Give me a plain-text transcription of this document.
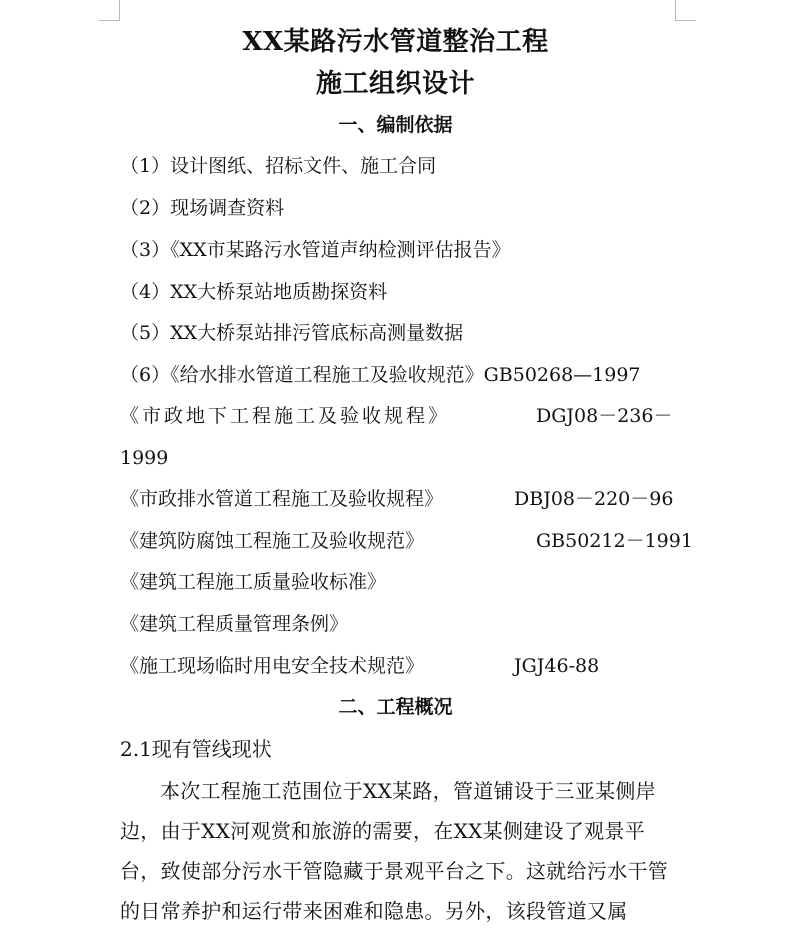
XX某路污水管道整治工程
施工组织设计
一、编制依据
（1）设计图纸、招标文件、施工合同
（2）现场调查资料
（3）《XX市某路污水管道声纳检测评估报告》
（4）XX大桥泵站地质勘探资料
（5）XX大桥泵站排污管底标高测量数据
（6）《给水排水管道工程施工及验收规范》GB50268—1997
《市政地下工程施工及验收规程》	DGJ08－236－
1999
《市政排水管道工程施工及验收规程》	DBJ08－220－96
《建筑防腐蚀工程施工及验收规范》	GB50212－1991
《建筑工程施工质量验收标准》
《建筑工程质量管理条例》
《施工现场临时用电安全技术规范》	JGJ46-88
二、工程概况
2.1现有管线现状
本次工程施工范围位于XX某路，管道铺设于三亚某侧岸边，由于XX河观赏和旅游的需要，在XX某侧建设了观景平台，致使部分污水干管隐藏于景观平台之下。这就给污水干管的日常养护和运行带来困难和隐患。另外，该段管道又属
